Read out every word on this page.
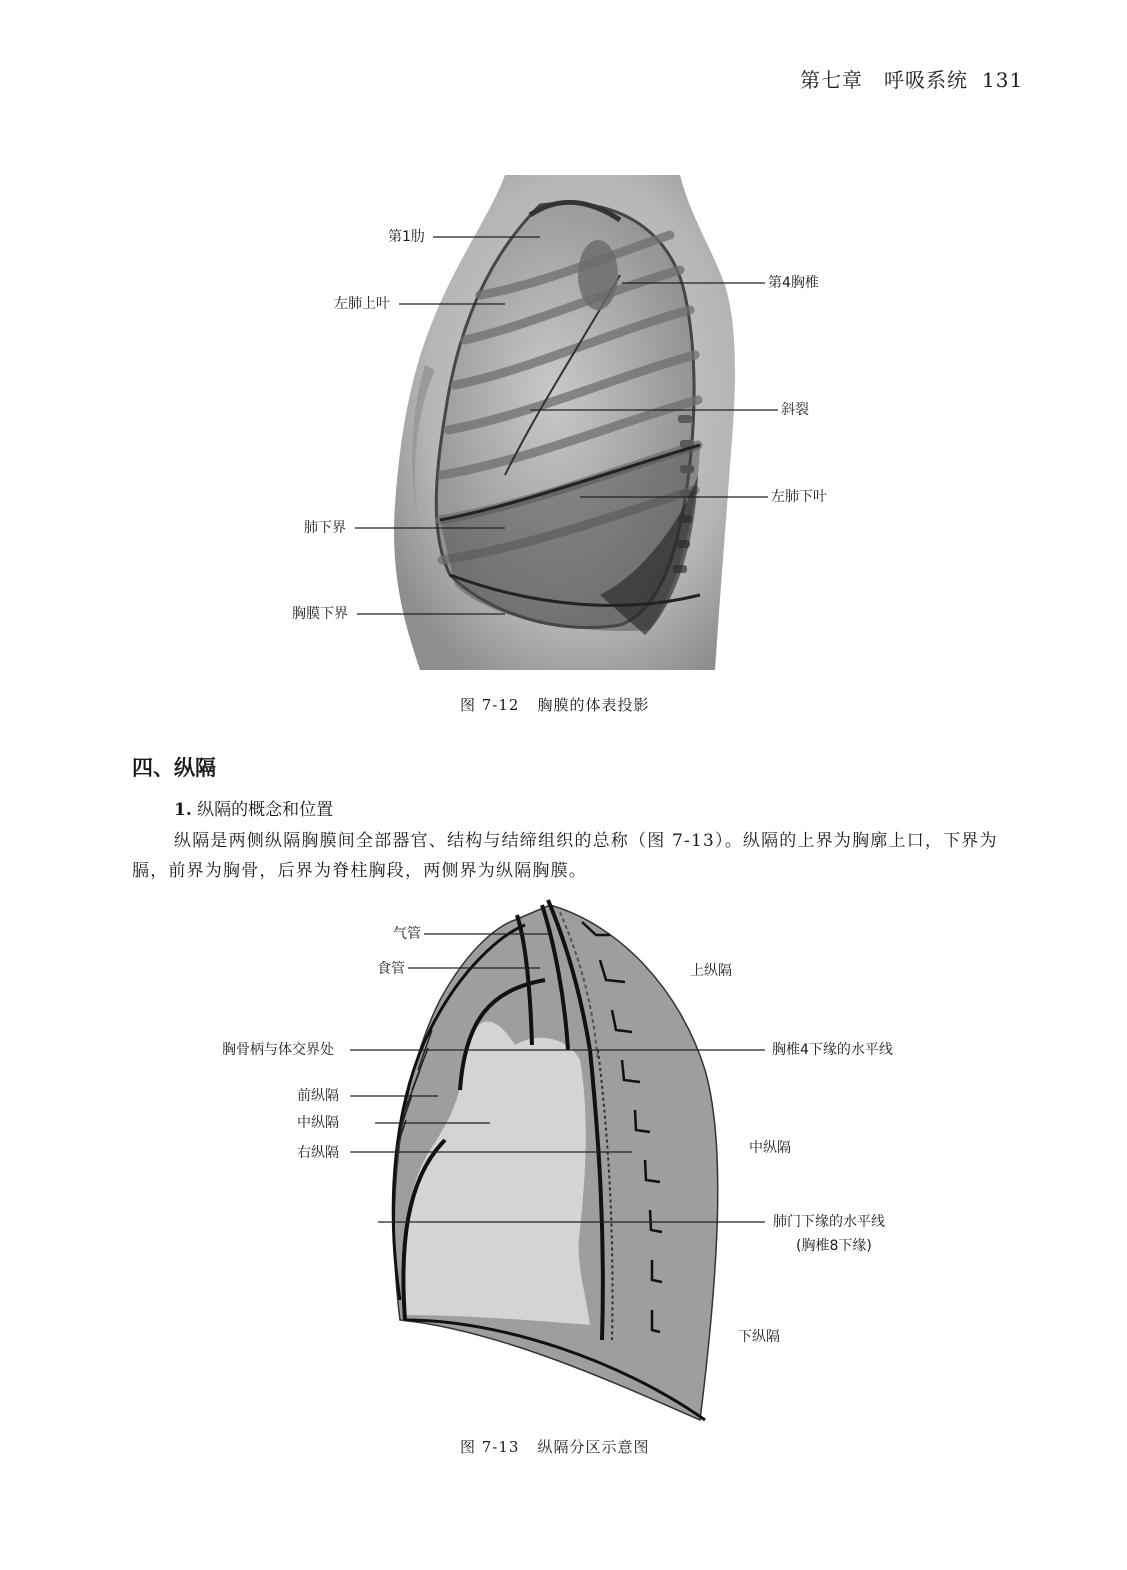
第七章　呼吸系统 131
第1肋
第4胸椎
左肺上叶
斜裂
左肺下叶
肺下界
胸膜下界
图 7-12 胸膜的体表投影
四、纵隔
1. 纵隔的概念和位置
纵隔是两侧纵隔胸膜间全部器官、结构与结缔组织的总称（图 7-13）。纵隔的上界为胸廓上口，下界为膈，前界为胸骨，后界为脊柱胸段，两侧界为纵隔胸膜。
气管
食管	上纵隔
胸骨柄与体交界处	胸椎4下缘的水平线
前纵隔
中纵隔
右纵隔	中纵隔
肺门下缘的水平线
(胸椎8下缘)
下纵隔
图 7-13 纵隔分区示意图
